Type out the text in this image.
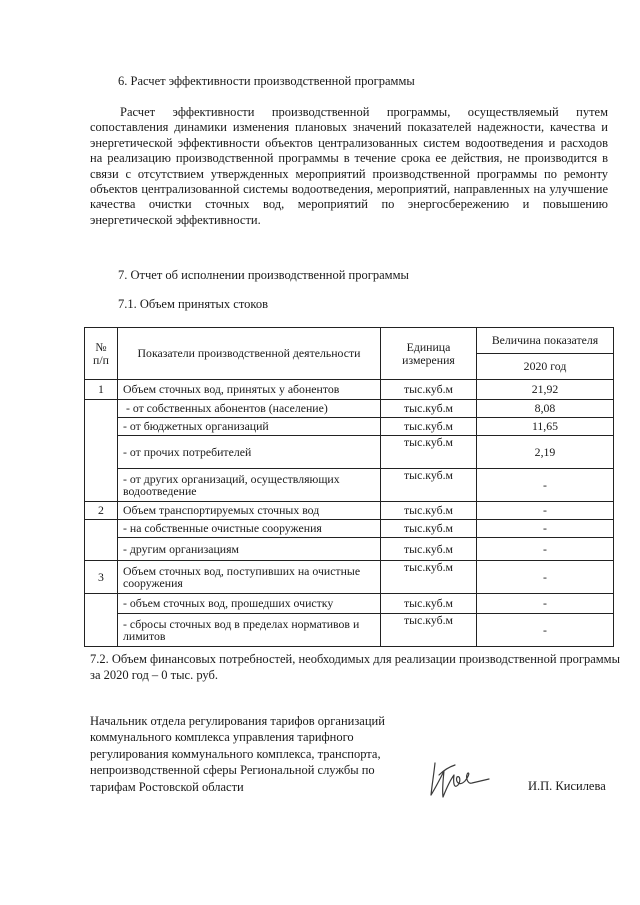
6. Расчет эффективности производственной программы
Расчет эффективности производственной программы, осуществляемый путем сопоставления динамики изменения плановых значений показателей надежности, качества и энергетической эффективности объектов централизованных систем водоотведения и расходов на реализацию производственной программы в течение срока ее действия, не производится в связи с отсутствием утвержденных мероприятий производственной программы по ремонту объектов централизованной системы водоотведения, мероприятий, направленных на улучшение качества очистки сточных вод, мероприятий по энергосбережению и повышению энергетической эффективности.
7. Отчет об исполнении производственной программы
7.1. Объем принятых стоков
№ п/п	Показатели производственной деятельности	Единица измерения	Величина показателя
			2020 год
1	Объем сточных вод, принятых у абонентов	тыс.куб.м	21,92
	- от собственных абонентов (население)	тыс.куб.м	8,08
	- от бюджетных организаций	тыс.куб.м	11,65
	- от прочих потребителей	тыс.куб.м	2,19
	- от других организаций, осуществляющих водоотведение	тыс.куб.м	-
2	Объем транспортируемых сточных вод	тыс.куб.м	-
	- на собственные очистные сооружения	тыс.куб.м	-
	- другим организациям	тыс.куб.м	-
3	Объем сточных вод, поступивших на очистные сооружения	тыс.куб.м	-
	- объем сточных вод, прошедших очистку	тыс.куб.м	-
	- сбросы сточных вод в пределах нормативов и лимитов	тыс.куб.м	-
7.2. Объем финансовых потребностей, необходимых для реализации производственной программы за 2020 год – 0 тыс. руб.
Начальник отдела регулирования тарифов организаций коммунального комплекса управления тарифного регулирования коммунального комплекса, транспорта, непроизводственной сферы Региональной службы по тарифам Ростовской области	И.П. Кисилева
